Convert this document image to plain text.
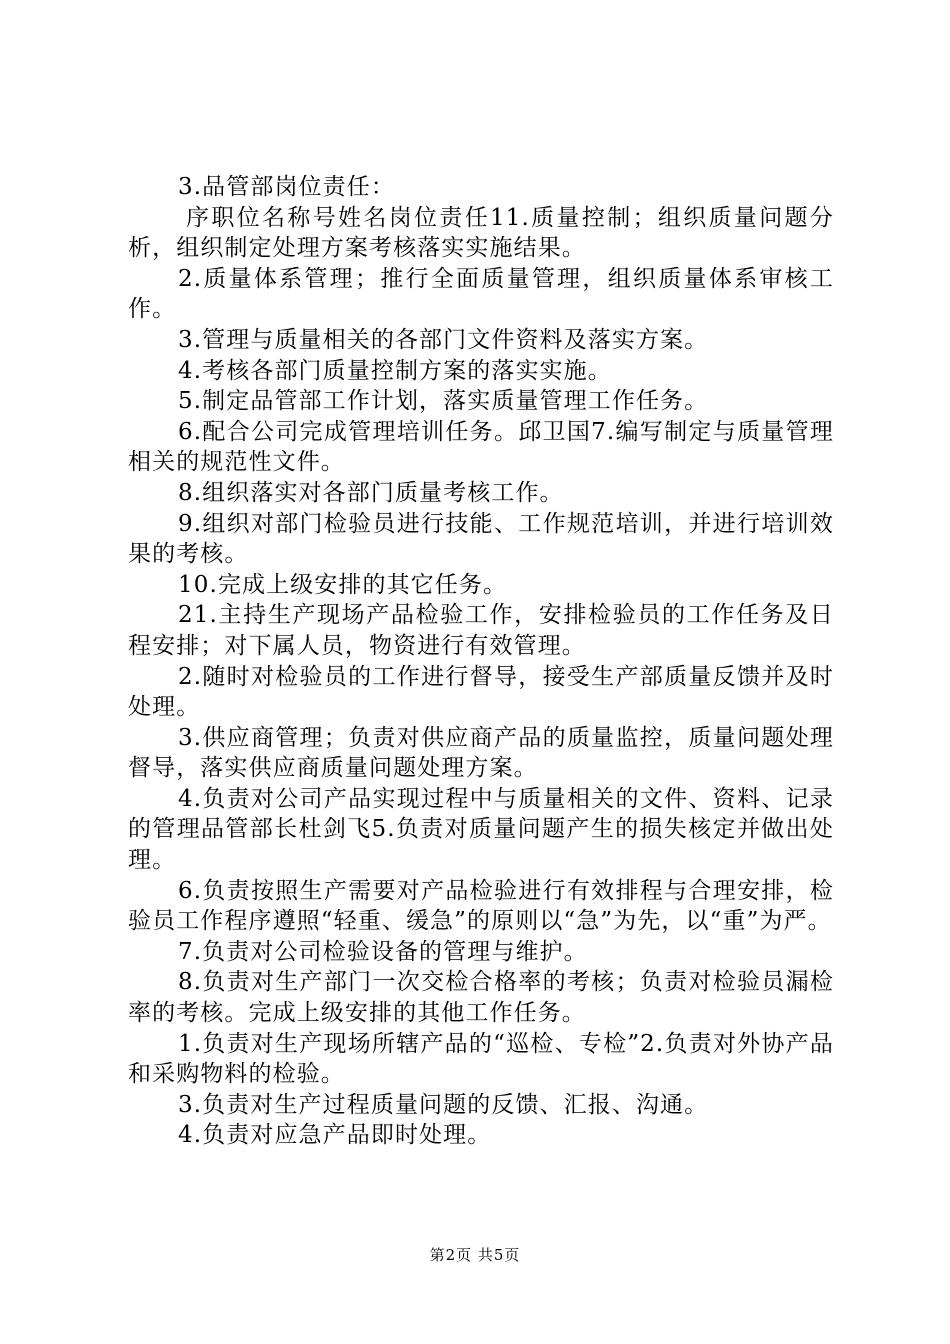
3.品管部岗位责任：

序职位名称号姓名岗位责任11.质量控制；组织质量问题分析，组织制定处理方案考核落实实施结果。

2.质量体系管理；推行全面质量管理，组织质量体系审核工作。

3.管理与质量相关的各部门文件资料及落实方案。

4.考核各部门质量控制方案的落实实施。

5.制定品管部工作计划，落实质量管理工作任务。

6.配合公司完成管理培训任务。邱卫国7.编写制定与质量管理相关的规范性文件。

8.组织落实对各部门质量考核工作。

9.组织对部门检验员进行技能、工作规范培训，并进行培训效果的考核。

10.完成上级安排的其它任务。

21.主持生产现场产品检验工作，安排检验员的工作任务及日程安排；对下属人员，物资进行有效管理。

2.随时对检验员的工作进行督导，接受生产部质量反馈并及时处理。

3.供应商管理；负责对供应商产品的质量监控，质量问题处理督导，落实供应商质量问题处理方案。

4.负责对公司产品实现过程中与质量相关的文件、资料、记录的管理品管部长杜剑飞5.负责对质量问题产生的损失核定并做出处理。

6.负责按照生产需要对产品检验进行有效排程与合理安排，检验员工作程序遵照“轻重、缓急”的原则以“急”为先，以“重”为严。

7.负责对公司检验设备的管理与维护。

8.负责对生产部门一次交检合格率的考核；负责对检验员漏检率的考核。完成上级安排的其他工作任务。

1.负责对生产现场所辖产品的“巡检、专检”2.负责对外协产品和采购物料的检验。

3.负责对生产过程质量问题的反馈、汇报、沟通。

4.负责对应急产品即时处理。

第2页 共5页
